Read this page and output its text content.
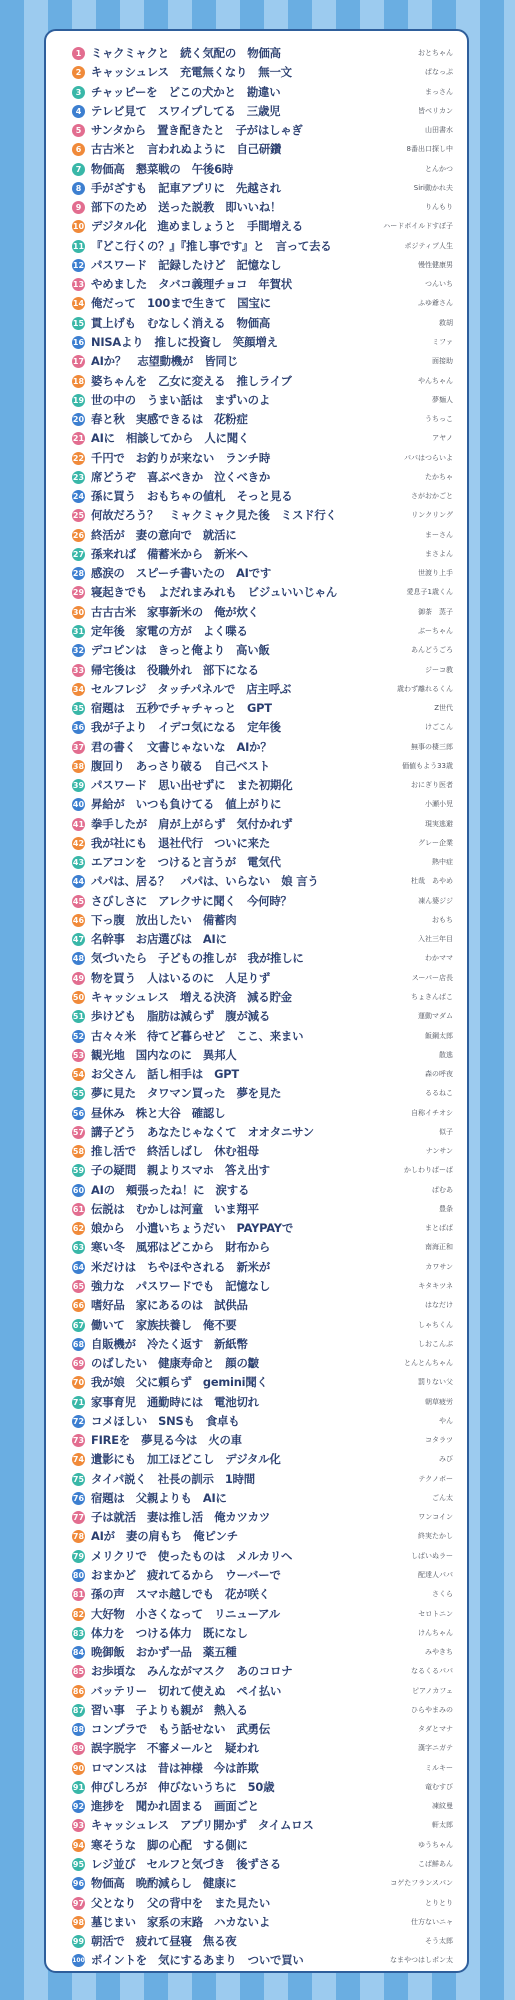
1 ミャクミャクと　続く気配の　物価高	おとちゃん
2 キャッシュレス　充電無くなり　無一文	ぱなっぷ
3 チャッピーを　どこの犬かと　勘違い	まっさん
4 テレビ見て　スワイプしてる　三歳児	皆ベリカン
5 サンタから　置き配きたと　子がはしゃぎ	山田書水
6 古古米と　言われぬように　自己研鑽	8番出口探し中
7 物価高　懇菜戦の　午後6時	とんかつ
8 手がざすも　記車アプリに　先越され	Siri動かれ夫
9 部下のため　送った説教　即いいね！	りんもり
10 デジタル化　進めましょうと　手間増える	ハードボイルドすぼ子
11 『どこ行くの？』『推し事です』と　言って去る	ポジティブ人生
12 パスワード　記録したけど　記憶なし	慢性健康男
13 やめました　タバコ義理チョコ　年賀状	つんいち
14 俺だって　100まで生きて　国宝に	ふゆ爺さん
15 貫上げも　むなしく消える　物価高	救胡
16 NISAより　推しに投資し　笑顔増え	ミファ
17 AIか？　志望動機が　皆同じ	面接助
18 婆ちゃんを　乙女に変える　推しライブ	やんちゃん
19 世の中の　うまい話は　まずいのよ	夢麺人
20 春と秋　実感できるは　花粉症	うちっこ
21 AIに　相談してから　人に聞く	アヤノ
22 千円で　お釣りが来ない　ランチ時	パパはつらいよ
23 席どうぞ　喜ぶべきか　泣くべきか	たかちゃ
24 孫に買う　おもちゃの値札　そっと見る	さがおかごと
25 何故だろう？　ミャクミャク見た後　ミスド行く	リンクリング
26 終活が　妻の意向で　就活に	まーさん
27 孫来れば　備蓄米から　新米へ	まさよん
28 感涙の　スピーチ書いたの　AIです	世渡り上手
29 寝起きでも　よだれまみれも　ビジュいいじゃん	愛息子1歳くん
30 古古古米　家事新米の　俺が炊く	御茶　蒸子
31 定年後　家電の方が　よく喋る	ぶーちゃん
32 デコピンは　きっと俺より　高い飯	あんどうごろ
33 帰宅後は　役職外れ　部下になる	ジーコ教
34 セルフレジ　タッチパネルで　店主呼ぶ	歳わず離れるくん
35 宿題は　五秒でチャチャっと　GPT	Z世代
36 我が子より　イデコ気になる　定年後	けごこん
37 君の書く　文書じゃないな　AIか？	無事の棲三郎
38 腹回り　あっさり破る　自己ベスト	価値もよう33歳
39 パスワード　思い出せずに　また初期化	おにぎり医者
40 昇給が　いつも負けてる　値上がりに	小瀬小児
41 拳手したが　肩が上がらず　気付かれず	現実逃避
42 我が社にも　退社代行　ついに来た	グレー企業
43 エアコンを　つけると言うが　電気代	熱中症
44 パパは、居る？　パパは、いらない　娘 言う	杜哉　あやめ
45 さびしさに　アレクサに聞く　今何時？	凍ん婆ジジ
46 下っ腹　放出したい　備蓄肉	おもち
47 名幹事　お店選びは　AIに	入社三年目
48 気づいたら　子どもの推しが　我が推しに	わかママ
49 物を買う　人はいるのに　人足りず	スーパー店長
50 キャッシュレス　増える決済　減る貯金	ちょきんばこ
51 歩けども　脂肪は減らず　腹が減る	運動マダム
52 古々々米　待てど暮らせど　ここ、来まい	飯鋼太郎
53 観光地　国内なのに　異邦人	散逃
54 お父さん　話し相手は　GPT	森の呼夜
55 夢に見た　タワマン買った　夢を見た	るるねこ
56 昼休み　株と大谷　確認し	自称イチオシ
57 講子どう　あなたじゃなくて　オオタニサン	似子
58 推し活で　終活しばし　休む祖母	ナンサン
59 子の疑問　親よりスマホ　答え出す	かしわりばーば
60 AIの　頬張ったね！に　涙する	ぱむあ
61 伝説は　むかしは河童　いま翔平	豊条
62 娘から　小遣いちょうだい　PAYPAYで	まとばば
63 寒い冬　風邪はどこから　財布から	南海正和
64 米だけは　ちやほやされる　新米が	カワサン
65 強力な　パスワードでも　記憶なし	キタキツネ
66 嗜好品　家にあるのは　試供品	はなだけ
67 働いて　家族扶養し　俺不要	しゃちくん
68 自販機が　冷たく返す　新紙幣	しおこんぶ
69 のばしたい　健康寿命と　顔の皺	とんとんちゃん
70 我が娘　父に頼らず　gemini聞く	罰りない父
71 家事育児　通勤時には　電池切れ	朝草疲労
72 コメほしい　SNSも　食卓も	やん
73 FIREを　夢見る今は　火の車	コタラツ
74 遺影にも　加工ほどこし　デジタル化	みび
75 タイパ説く　社長の訓示　1時間	テクノボー
76 宿題は　父親よりも　AIに	ごん太
77 子は就活　妻は推し活　俺カツカツ	ワンコイン
78 AIが　妻の肩もち　俺ピンチ	終実たかし
79 メリクリで　使ったものは　メルカリへ	しばいぬラー
80 おまかど　疲れてるから　ウーバーで	配達人パパ
81 孫の声　スマホ越しでも　花が咲く	さくら
82 大好物　小さくなって　リニューアル	セロトニン
83 体力を　つける体力　既になし	けんちゃん
84 晩御飯　おかず一品　薬五種	みやきち
85 お歩頃な　みんながマスク　あのコロナ	なるくるパパ
86 バッテリー　切れて使えぬ　ペイ払い	ピアノカフェ
87 習い事　子よりも親が　熱入る	ひらやまみの
88 コンプラで　もう話せない　武勇伝	タダとマナ
89 誤字脱字　不審メールと　疑われ	漢字ニガテ
90 ロマンスは　昔は神様　今は詐欺	ミルキー
91 伸びしろが　伸びないうちに　50歳	竜むすび
92 進捗を　聞かれ固まる　画面ごと	凍紋曼
93 キャッシュレス　アプリ開かず　タイムロス	軒太郎
94 寒そうな　脚の心配　する側に	ゆうちゃん
95 レジ並び　セルフと気づき　後ずさる	こば鮮あん
96 物価高　晩酌減らし　健康に	コゲたフランスパン
97 父となり　父の背中を　また見たい	とりとり
98 墓じまい　家系の末路　ハカないよ	仕方ないニャ
99 朝活で　疲れて昼寝　焦る夜	そう太郎
100 ポイントを　気にするあまり　ついで買い	なまやつはしポン太
